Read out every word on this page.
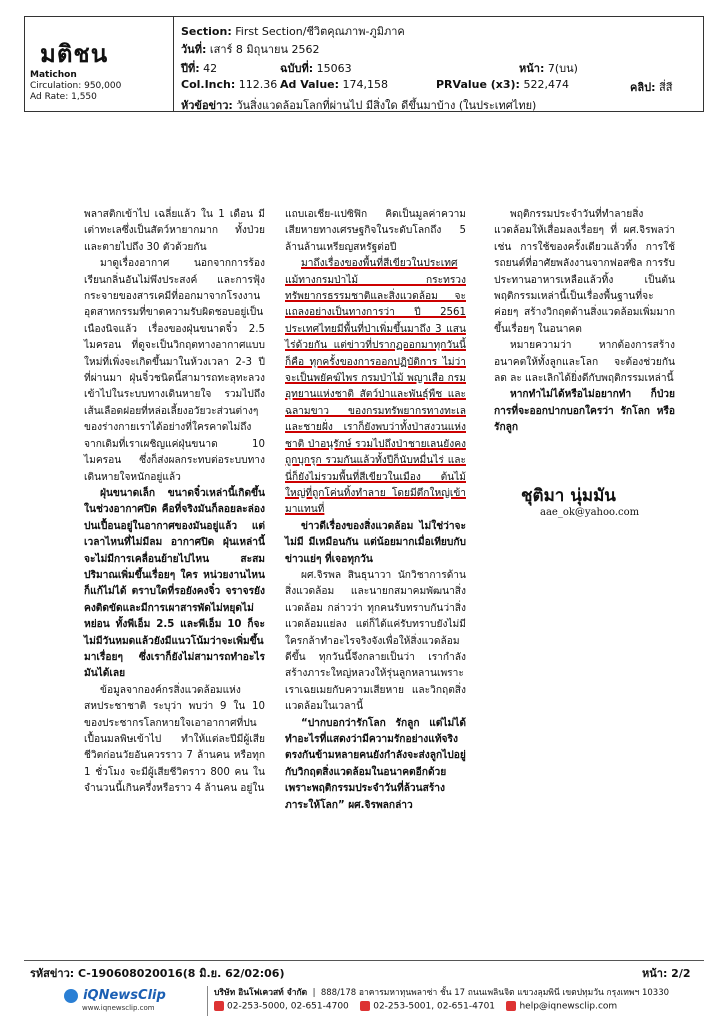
มติชน
Matichon
Circulation: 950,000
Ad Rate: 1,550
Section: First Section/ชีวิตคุณภาพ-ภูมิภาค
วันที่: เสาร์ 8 มิถุนายน 2562
ปีที่: 42	ฉบับที่: 15063	หน้า: 7(บน)
Col.Inch: 112.36 Ad Value: 174,158	PRValue (x3): 522,474	คลิป: สี่สี
หัวข้อข่าว: วันสิ่งแวดล้อมโลกที่ผ่านไป มีสิ่งใด ดีขึ้นมาบ้าง (ในประเทศไทย)

พลาสติกเข้าไป เฉลี่ยแล้ว ใน 1 เดือน มีเต่าทะเลซึ่งเป็นสัตว์หายากมาก ทั้งป่วยและตายไปถึง 30 ตัวด้วยกัน

มาดูเรื่องอากาศ นอกจากการร้องเรียนกลิ่นอันไม่พึงประสงค์ และการฟุ้งกระจายของสารเคมีที่ออกมาจากโรงงานอุตสาหกรรมที่ขาดความรับผิดชอบอยู่เป็นเนืองนิจแล้ว เรื่องของฝุ่นขนาดจิ๋ว 2.5 ไมครอน ที่ดูจะเป็นวิกฤตทางอากาศแบบใหม่ที่เพิ่งจะเกิดขึ้นมาในห้วงเวลา 2-3 ปีที่ผ่านมา ฝุ่นจิ๋วชนิดนี้สามารถทะลุทะลวงเข้าไปในระบบทางเดินหายใจ รวมไปถึงเส้นเลือดฝอยที่หล่อเลี้ยงอวัยวะส่วนต่างๆ ของร่างกายเราได้อย่างที่ใครคาดไม่ถึง จากเดิมที่เราเผชิญแค่ฝุ่นขนาด 10 ไมครอน ซึ่งก็ส่งผลกระทบต่อระบบทางเดินหายใจหนักอยู่แล้ว

ฝุ่นขนาดเล็ก ขนาดจิ๋วเหล่านี้เกิดขึ้นในช่วงอากาศปิด คือที่จริงมันก็ลอยละล่องปนเปื้อนอยู่ในอากาศของมันอยู่แล้ว แต่เวลาไหนที่ไม่มีลม อากาศปิด ฝุ่นเหล่านี้จะไม่มีการเคลื่อนย้ายไปไหน สะสมปริมาณเพิ่มขึ้นเรื่อยๆ ใคร หน่วยงานไหนก็แก้ไม่ได้ ตราบใดที่รอยังคงจิ๋ว จราจรยังคงติดขัดและมีการเผาสารพัดไม่หยุดไม่หย่อน ทั้งพีเอ็ม 2.5 และพีเอ็ม 10 ก็จะไม่มีวันหมดแล้วยังมีแนวโน้มว่าจะเพิ่มขึ้นมาเรื่อยๆ ซึ่งเราก็ยังไม่สามารถทำอะไรมันได้เลย

ข้อมูลจากองค์กรสิ่งแวดล้อมแห่งสหประชาชาติ ระบุว่า พบว่า 9 ใน 10 ของประชากรโลกหายใจเอาอากาศที่ปนเปื้อนมลพิษเข้าไป ทำให้แต่ละปีมีผู้เสียชีวิตก่อนวัยอันควรราว 7 ล้านคน หรือทุก 1 ชั่วโมง จะมีผู้เสียชีวิตราว 800 คน ในจำนวนนี้เกินครึ่งหรือราว 4 ล้านคน อยู่ใน

แถบเอเชีย-แปซิฟิก คิดเป็นมูลค่าความเสียหายทางเศรษฐกิจในระดับโลกถึง 5 ล้านล้านเหรียญสหรัฐต่อปี

มาถึงเรื่องของพื้นที่สีเขียวในประเทศ แม้ทางกรมป่าไม้ กระทรวงทรัพยากรธรรมชาติและสิ่งแวดล้อม จะแถลงอย่างเป็นทางการว่า ปี 2561 ประเทศไทยมีพื้นที่ป่าเพิ่มขึ้นมาถึง 3 แสนไร่ด้วยกัน แต่ข่าวที่ปรากฏออกมาทุกวันนี้ก็คือ ทุกครั้งของการออกปฏิบัติการ ไม่ว่าจะเป็นพยัคฆ์ไพร กรมป่าไม้ พญาเสือ กรมอุทยานแห่งชาติ สัตว์ป่าและพันธุ์พืช และฉลามขาว ของกรมทรัพยากรทางทะเลและชายฝั่ง เราก็ยังพบว่าทั้งป่าสงวนแห่งชาติ ป่าอนุรักษ์ รวมไปถึงป่าชายเลนยังคงถูกบุกรุก รวมกันแล้วทั้งปีก็นับหมื่นไร่ และนี่ก็ยังไม่รวมพื้นที่สีเขียวในเมือง ต้นไม้ใหญ่ที่ถูกโค่นทิ้งทำลาย โดยมีตึกใหญ่เข้ามาแทนที่

ข่าวดีเรื่องของสิ่งแวดล้อม ไม่ใช่ว่าจะไม่มี มีเหมือนกัน แต่น้อยมากเมื่อเทียบกับข่าวแย่ๆ ที่เจอทุกวัน

ผศ.จิรพล สินธุนาวา นักวิชาการด้านสิ่งแวดล้อม และนายกสมาคมพัฒนาสิ่งแวดล้อม กล่าวว่า ทุกคนรับทราบกันว่าสิ่งแวดล้อมแย่ลง แต่ก็ได้แค่รับทราบยังไม่มีใครกล้าทำอะไรจริงจังเพื่อให้สิ่งแวดล้อมดีขึ้น ทุกวันนี้จึงกลายเป็นว่า เรากำลังสร้างภาระใหญ่หลวงให้รุ่นลูกหลานเพราะเราเฉยเมยกับความเสียหาย และวิกฤตสิ่งแวดล้อมในเวลานี้

“ปากบอกว่ารักโลก รักลูก แต่ไม่ได้ทำอะไรที่แสดงว่ามีความรักอย่างแท้จริง ตรงกันข้ามหลายคนยังกำลังจะส่งลูกไปอยู่กับวิกฤตสิ่งแวดล้อมในอนาคตอีกด้วย เพราะพฤติกรรมประจำวันที่ล้วนสร้างภาระให้โลก” ผศ.จิรพลกล่าว

พฤติกรรมประจำวันที่ทำลายสิ่งแวดล้อมให้เสื่อมลงเรื่อยๆ ที่ ผศ.จิรพลว่าเช่น การใช้ของครั้งเดียวแล้วทิ้ง การใช้รถยนต์ที่อาศัยพลังงานจากฟอสซิล การรับประทานอาหารเหลือแล้วทิ้ง เป็นต้น พฤติกรรมเหล่านี้เป็นเรื่องพื้นฐานที่จะค่อยๆ สร้างวิกฤตด้านสิ่งแวดล้อมเพิ่มมากขึ้นเรื่อยๆ ในอนาคต

หมายความว่า หากต้องการสร้างอนาคตให้ทั้งลูกและโลก จะต้องช่วยกันลด ละ และเลิกได้ยิ่งดีกับพฤติกรรมเหล่านี้

หากทำไม่ได้หรือไม่อยากทำ ก็ป่วยการที่จะออกปากบอกใครว่า รักโลก หรือรักลูก

ชุติมา นุ่มมัน
aae_ok@yahoo.com
รหัสข่าว: C-190608020016(8 มิ.ย. 62/02:06)	หน้า: 2/2
iQNewsClip
www.iqnewsclip.com
บริษัท อินโฟเควสท์ จำกัด  |  888/178 อาคารมหาทุนพลาซ่า ชั้น 17 ถนนเพลินจิต แขวงลุมพินี เขตปทุมวัน กรุงเทพฯ 10330
02-253-5000, 02-651-4700	02-253-5001, 02-651-4701	help@iqnewsclip.com
